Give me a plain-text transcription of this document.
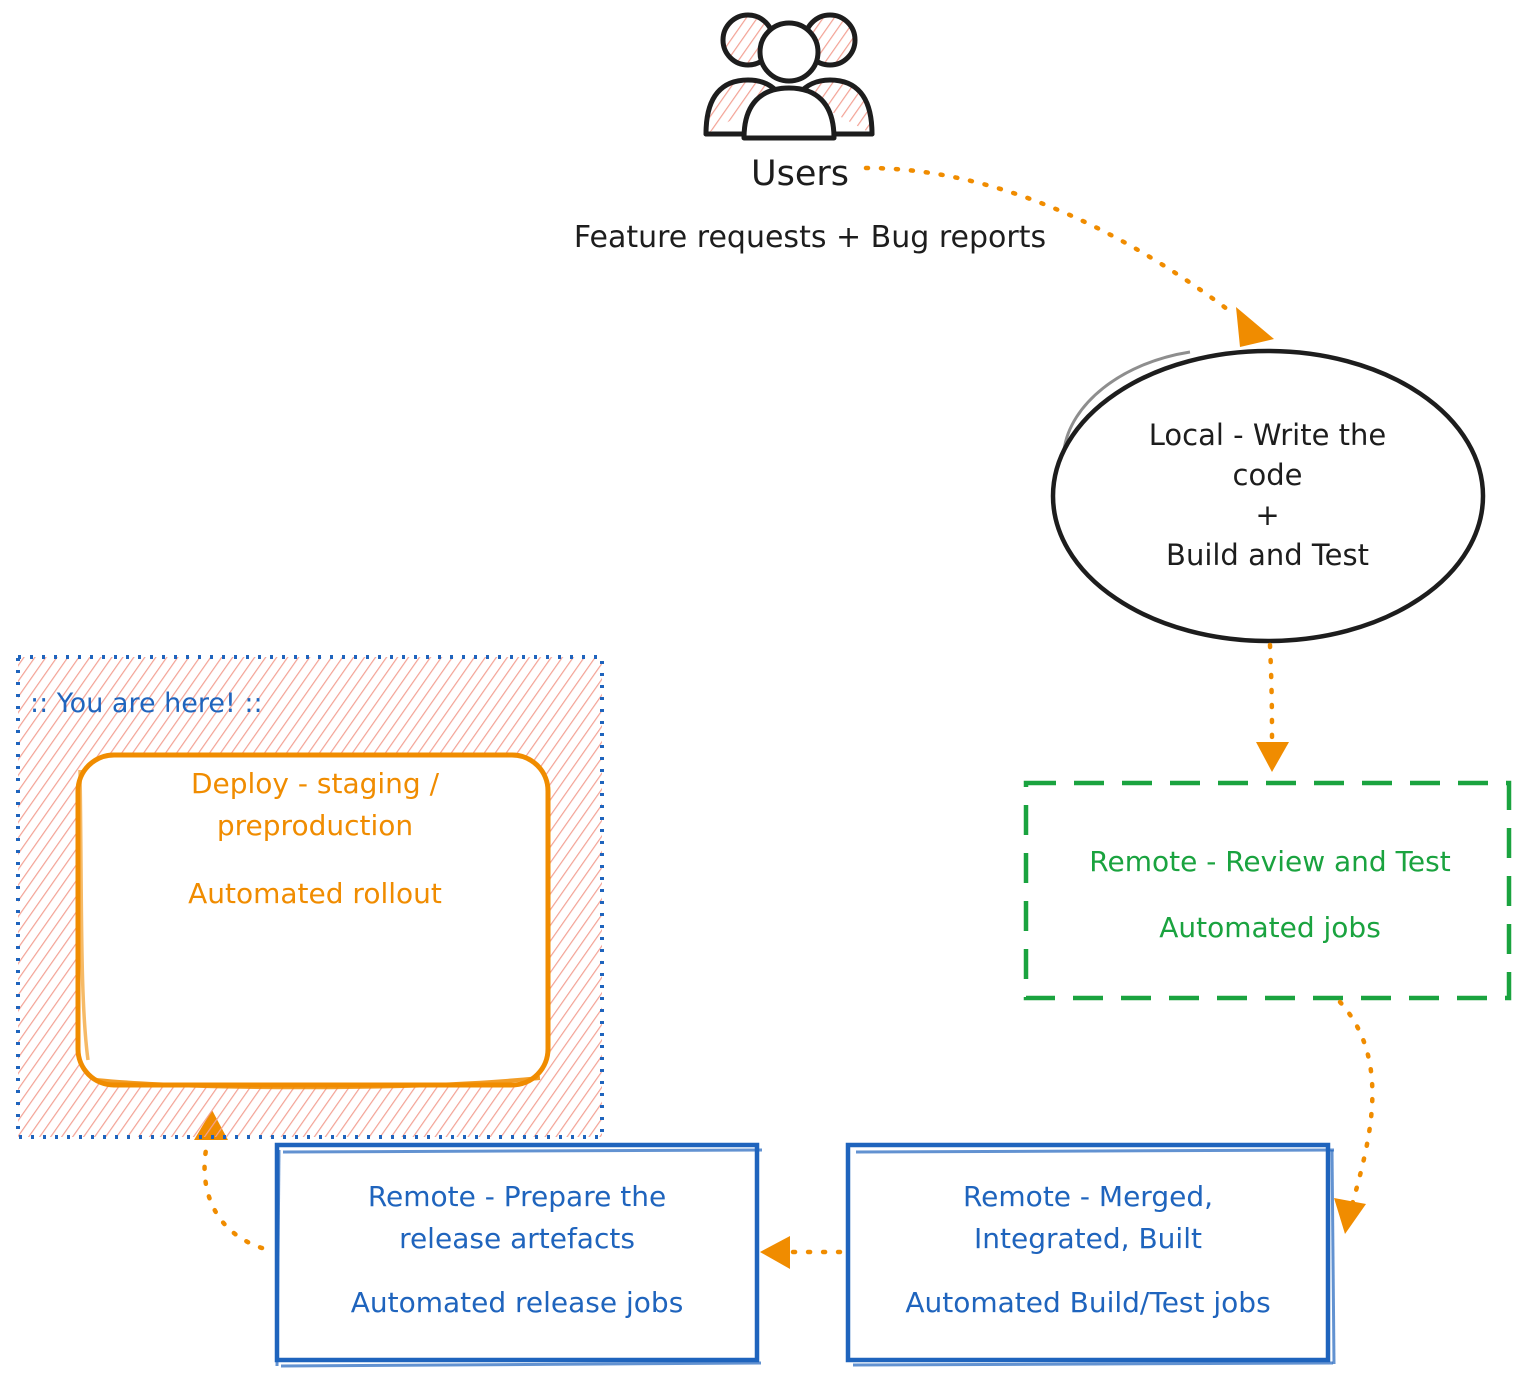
Users
Feature requests + Bug reports
Local - Write the
code
+
Build and Test
Remote - Review and Test
Automated jobs
Remote - Merged,
Integrated, Built
Automated Build/Test jobs
Remote - Prepare the
release artefacts
Automated release jobs
Deploy - staging /
preproduction
Automated rollout
:: You are here! ::
